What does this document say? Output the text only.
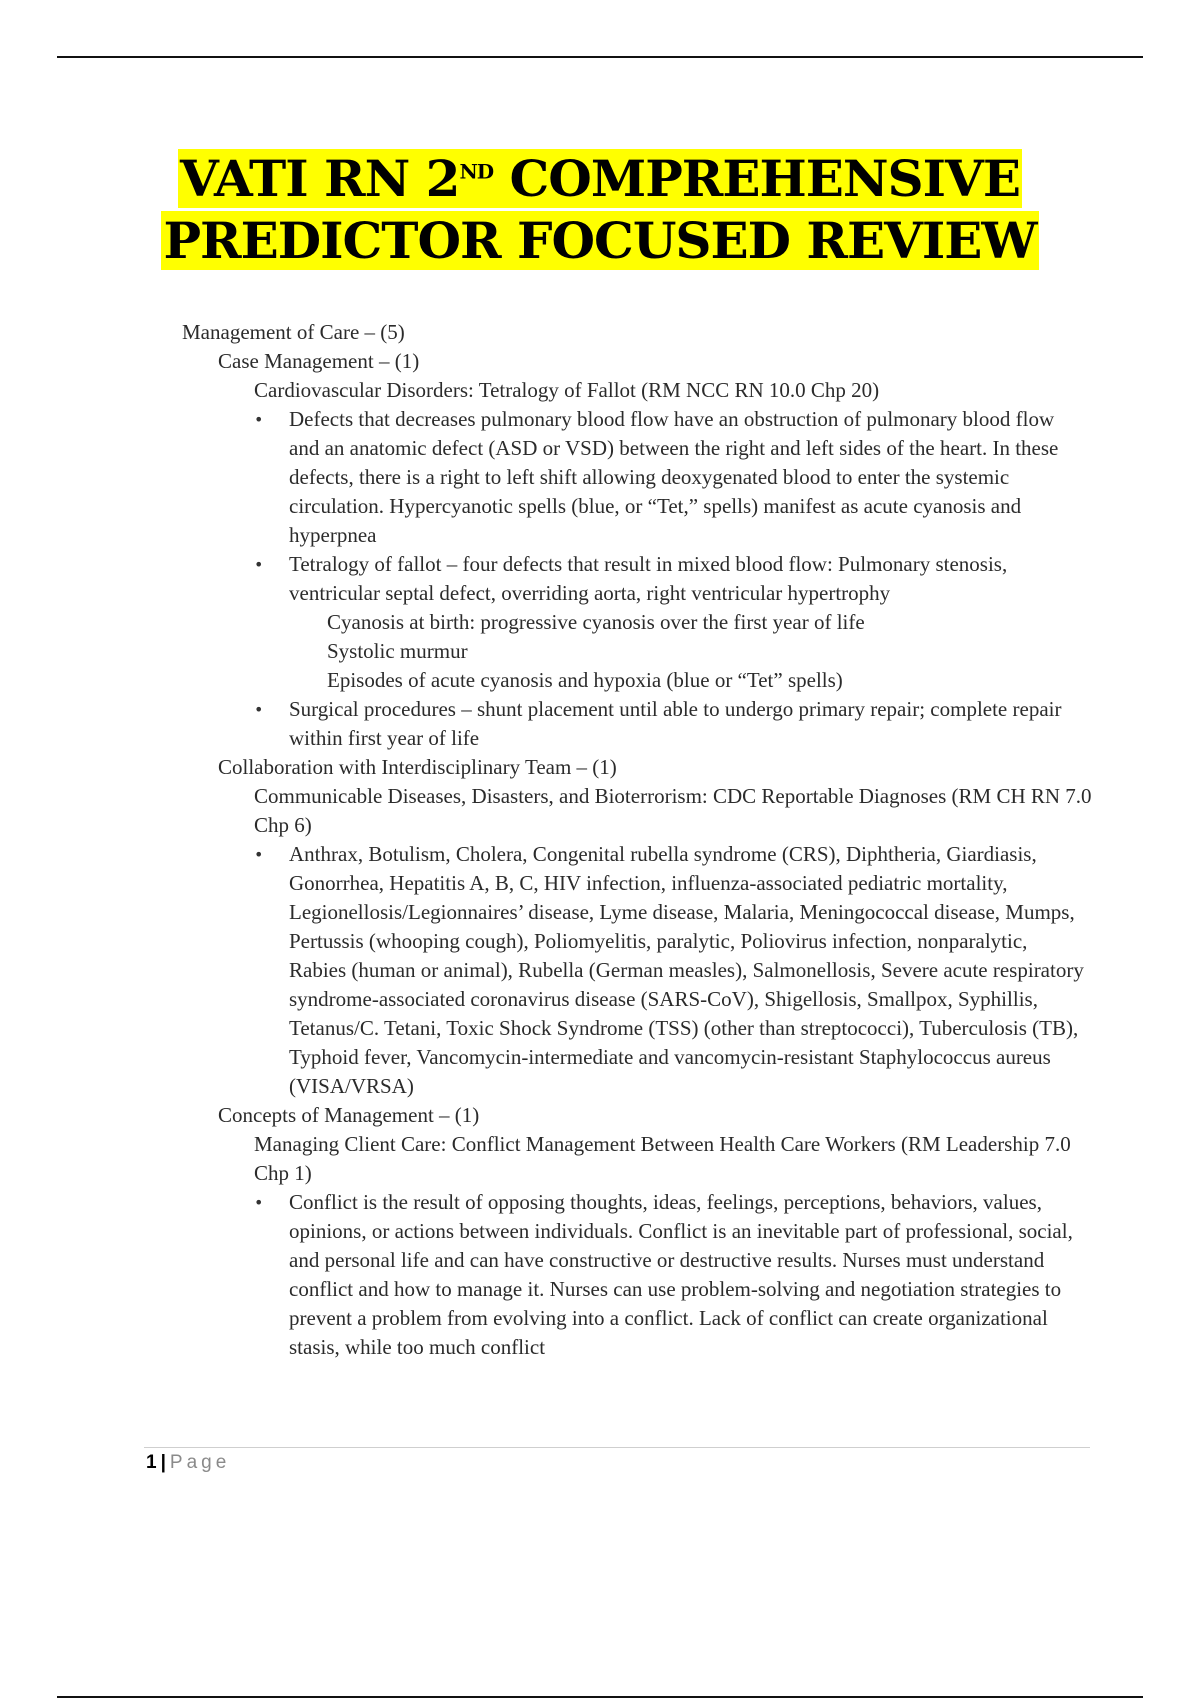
VATI RN 2ND COMPREHENSIVE
PREDICTOR FOCUSED REVIEW
Management of Care – (5)
Case Management – (1)
Cardiovascular Disorders: Tetralogy of Fallot (RM NCC RN 10.0 Chp 20)
• Defects that decreases pulmonary blood flow have an obstruction of pulmonary blood flow and an anatomic defect (ASD or VSD) between the right and left sides of the heart. In these defects, there is a right to left shift allowing deoxygenated blood to enter the systemic circulation. Hypercyanotic spells (blue, or “Tet,” spells) manifest as acute cyanosis and hyperpnea
• Tetralogy of fallot – four defects that result in mixed blood flow: Pulmonary stenosis, ventricular septal defect, overriding aorta, right ventricular hypertrophy
Cyanosis at birth: progressive cyanosis over the first year of life
Systolic murmur
Episodes of acute cyanosis and hypoxia (blue or “Tet” spells)
• Surgical procedures – shunt placement until able to undergo primary repair; complete repair within first year of life
Collaboration with Interdisciplinary Team – (1)
Communicable Diseases, Disasters, and Bioterrorism: CDC Reportable Diagnoses (RM CH RN 7.0 Chp 6)
• Anthrax, Botulism, Cholera, Congenital rubella syndrome (CRS), Diphtheria, Giardiasis, Gonorrhea, Hepatitis A, B, C, HIV infection, influenza-associated pediatric mortality, Legionellosis/Legionnaires’ disease, Lyme disease, Malaria, Meningococcal disease, Mumps, Pertussis (whooping cough), Poliomyelitis, paralytic, Poliovirus infection, nonparalytic, Rabies (human or animal), Rubella (German measles), Salmonellosis, Severe acute respiratory syndrome-associated coronavirus disease (SARS-CoV), Shigellosis, Smallpox, Syphillis, Tetanus/C. Tetani, Toxic Shock Syndrome (TSS) (other than streptococci), Tuberculosis (TB), Typhoid fever, Vancomycin-intermediate and vancomycin-resistant Staphylococcus aureus (VISA/VRSA)
Concepts of Management – (1)
Managing Client Care: Conflict Management Between Health Care Workers (RM Leadership 7.0 Chp 1)
• Conflict is the result of opposing thoughts, ideas, feelings, perceptions, behaviors, values, opinions, or actions between individuals. Conflict is an inevitable part of professional, social, and personal life and can have constructive or destructive results. Nurses must understand conflict and how to manage it. Nurses can use problem-solving and negotiation strategies to prevent a problem from evolving into a conflict. Lack of conflict can create organizational stasis, while too much conflict
1 | Page
